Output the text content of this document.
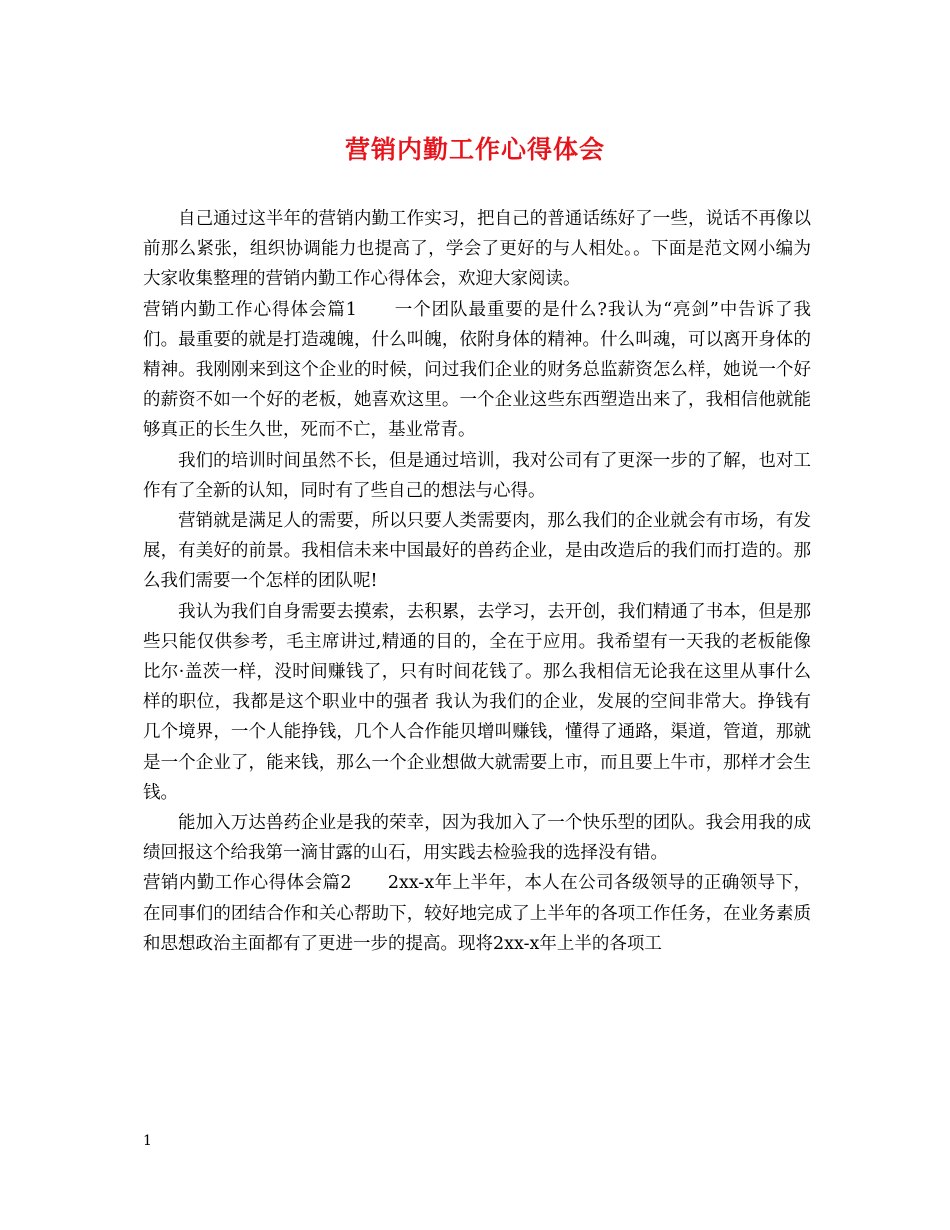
营销内勤工作心得体会

自己通过这半年的营销内勤工作实习，把自己的普通话练好了一些，说话不再像以前那么紧张，组织协调能力也提高了，学会了更好的与人相处。。下面是范文网小编为大家收集整理的营销内勤工作心得体会，欢迎大家阅读。

营销内勤工作心得体会篇1　　一个团队最重要的是什么?我认为“亮剑”中告诉了我们。最重要的就是打造魂魄，什么叫魄，依附身体的精神。什么叫魂，可以离开身体的精神。我刚刚来到这个企业的时候，问过我们企业的财务总监薪资怎么样，她说一个好的薪资不如一个好的老板，她喜欢这里。一个企业这些东西塑造出来了，我相信他就能够真正的长生久世，死而不亡，基业常青。

我们的培训时间虽然不长，但是通过培训，我对公司有了更深一步的了解，也对工作有了全新的认知，同时有了些自己的想法与心得。

营销就是满足人的需要，所以只要人类需要肉，那么我们的企业就会有市场，有发展，有美好的前景。我相信未来中国最好的兽药企业，是由改造后的我们而打造的。那么我们需要一个怎样的团队呢!

我认为我们自身需要去摸索，去积累，去学习，去开创，我们精通了书本，但是那些只能仅供参考，毛主席讲过,精通的目的，全在于应用。我希望有一天我的老板能像比尔·盖茨一样，没时间赚钱了，只有时间花钱了。那么我相信无论我在这里从事什么样的职位，我都是这个职业中的强者 我认为我们的企业，发展的空间非常大。挣钱有几个境界，一个人能挣钱，几个人合作能贝增叫赚钱，懂得了通路，渠道，管道，那就是一个企业了，能来钱，那么一个企业想做大就需要上市，而且要上牛市，那样才会生钱。

能加入万达兽药企业是我的荣幸，因为我加入了一个快乐型的团队。我会用我的成绩回报这个给我第一滴甘露的山石，用实践去检验我的选择没有错。

营销内勤工作心得体会篇2　　2xx-x年上半年，本人在公司各级领导的正确领导下，在同事们的团结合作和关心帮助下，较好地完成了上半年的各项工作任务，在业务素质和思想政治主面都有了更进一步的提高。现将2xx-x年上半的各项工

1
